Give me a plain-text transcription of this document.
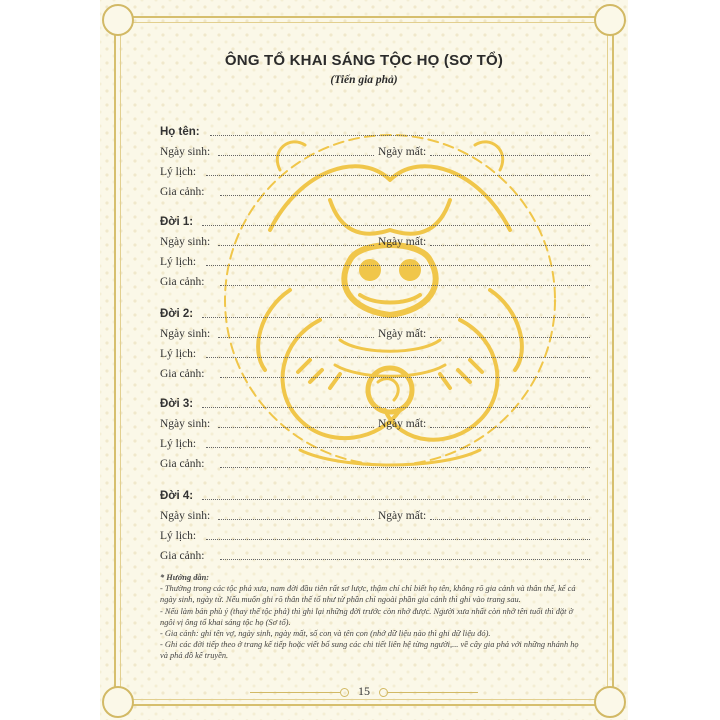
ÔNG TỔ KHAI SÁNG TỘC HỌ (SƠ TỔ)
(Tiến gia phả)
Họ tên:
Ngày sinh:	Ngày mất:
Lý lịch:
Gia cảnh:
Đời 1:
Ngày sinh:	Ngày mất:
Lý lịch:
Gia cảnh:
Đời 2:
Ngày sinh:	Ngày mất:
Lý lịch:
Gia cảnh:
Đời 3:
Ngày sinh:	Ngày mất:
Lý lịch:
Gia cảnh:
Đời 4:
Ngày sinh:	Ngày mất:
Lý lịch:
Gia cảnh:
* Hướng dẫn:
- Thường trong các tộc phả xưa, nam đời đầu tiên rất sơ lược, thậm chí chỉ biết họ tên, không rõ gia cảnh và thân thế, kể cả ngày sinh, ngày tử. Nếu muốn ghi rõ thân thế tổ như tử phần chỉ ngoài phần gia cảnh thì ghi vào trang sau.
- Nếu làm bản phù ý (thay thế tộc phả) thì ghi lại những đời trước còn nhớ được. Người xưa nhất còn nhớ tên tuổi thì đặt ở ngôi vị ông tổ khai sáng tộc họ (Sơ tổ).
- Gia cảnh: ghi tên vợ, ngày sinh, ngày mất, số con và tên con (nhớ dữ liệu nào thì ghi dữ liệu đó).
- Ghi các đời tiếp theo ở trang kế tiếp hoặc viết bổ sung các chi tiết liên hệ từng người,... về cây gia phả với những nhánh họ và phả đồ kế truyền.
15
